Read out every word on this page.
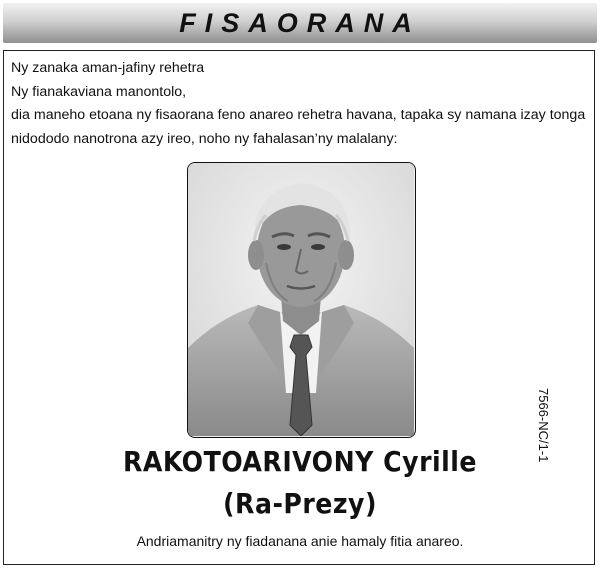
FISAORANA
Ny zanaka aman-jafiny rehetra
Ny fianakaviana manontolo,
dia maneho etoana ny fisaorana feno anareo rehetra havana, tapaka sy namana izay tonga
nidododo nanotrona azy ireo, noho ny fahalasan’ny malalany:
RAKOTOARIVONY Cyrille
(Ra-Prezy)
Andriamanitry ny fiadanana anie hamaly fitia anareo.
7566-NC/1-1
